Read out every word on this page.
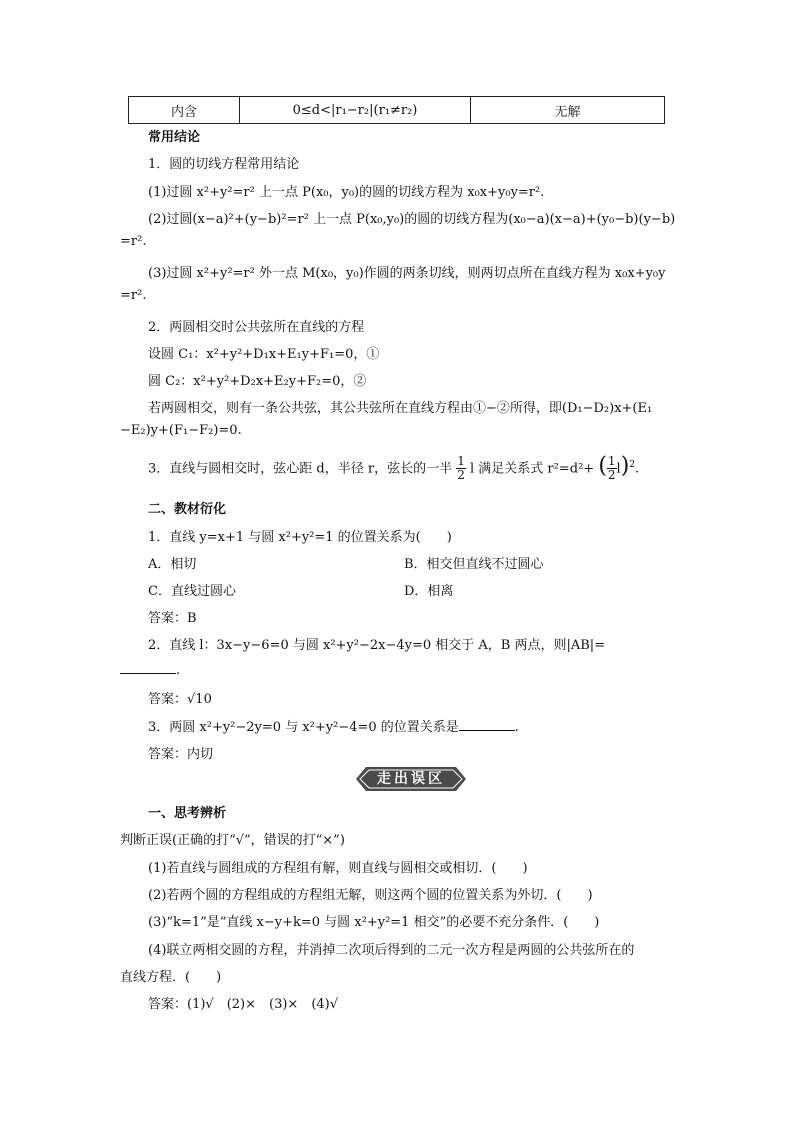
内含	0≤d<|r₁−r₂|(r₁≠r₂)	无解
常用结论
1．圆的切线方程常用结论
(1)过圆 x²+y²=r² 上一点 P(x₀，y₀)的圆的切线方程为 x₀x+y₀y=r².
(2)过圆(x−a)²+(y−b)²=r² 上一点 P(x₀,y₀)的圆的切线方程为(x₀−a)(x−a)+(y₀−b)(y−b)
=r².
(3)过圆 x²+y²=r² 外一点 M(x₀，y₀)作圆的两条切线，则两切点所在直线方程为 x₀x+y₀y
=r².
2．两圆相交时公共弦所在直线的方程
设圆 C₁：x²+y²+D₁x+E₁y+F₁=0，①
圆 C₂：x²+y²+D₂x+E₂y+F₂=0，②
若两圆相交，则有一条公共弦，其公共弦所在直线方程由①−②所得，即(D₁−D₂)x+(E₁
−E₂)y+(F₁−F₂)=0.
3．直线与圆相交时，弦心距 d，半径 r，弦长的一半 $\frac{1}{2}$ l 满足关系式 r²=d²+ ( $\frac{1}{2} l)^2$.
二、教材衍化
1．直线 y=x+1 与圆 x²+y²=1 的位置关系为(　　)
A．相切	B．相交但直线不过圆心
C．直线过圆心	D．相离
答案：B
2．直线 l：3x−y−6=0 与圆 x²+y²−2x−4y=0 相交于 A，B 两点，则|AB|=
.
答案：√10
3．两圆 x²+y²−2y=0 与 x²+y²−4=0 的位置关系是	.
答案：内切
走出误区
一、思考辨析
判断正误(正确的打“√”，错误的打“×”)
(1)若直线与圆组成的方程组有解，则直线与圆相交或相切．(　　)
(2)若两个圆的方程组成的方程组无解，则这两个圆的位置关系为外切．(　　)
(3)“k=1”是“直线 x−y+k=0 与圆 x²+y²=1 相交”的必要不充分条件．(　　)
(4)联立两相交圆的方程，并消掉二次项后得到的二元一次方程是两圆的公共弦所在的
直线方程．(　　)
答案：(1)√　(2)×　(3)×　(4)√
